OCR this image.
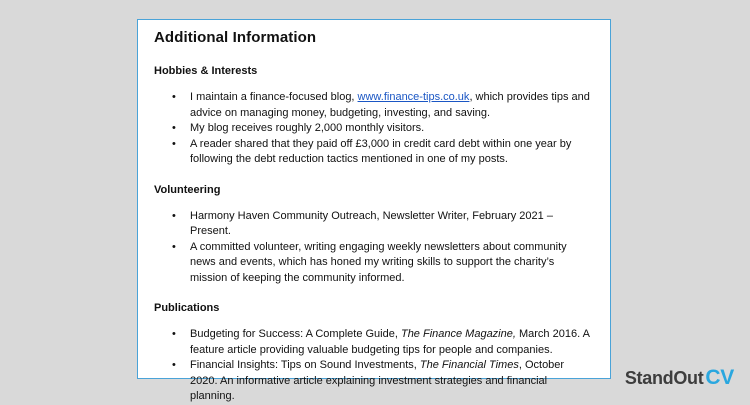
Additional Information
Hobbies & Interests
• I maintain a finance-focused blog, www.finance-tips.co.uk, which provides tips and advice on managing money, budgeting, investing, and saving.
• My blog receives roughly 2,000 monthly visitors.
• A reader shared that they paid off £3,000 in credit card debt within one year by following the debt reduction tactics mentioned in one of my posts.
Volunteering
• Harmony Haven Community Outreach, Newsletter Writer, February 2021 – Present.
• A committed volunteer, writing engaging weekly newsletters about community news and events, which has honed my writing skills to support the charity’s mission of keeping the community informed.
Publications
• Budgeting for Success: A Complete Guide, The Finance Magazine, March 2016. A feature article providing valuable budgeting tips for people and companies.
• Financial Insights: Tips on Sound Investments, The Financial Times, October 2020. An informative article explaining investment strategies and financial planning.
StandOutCV
